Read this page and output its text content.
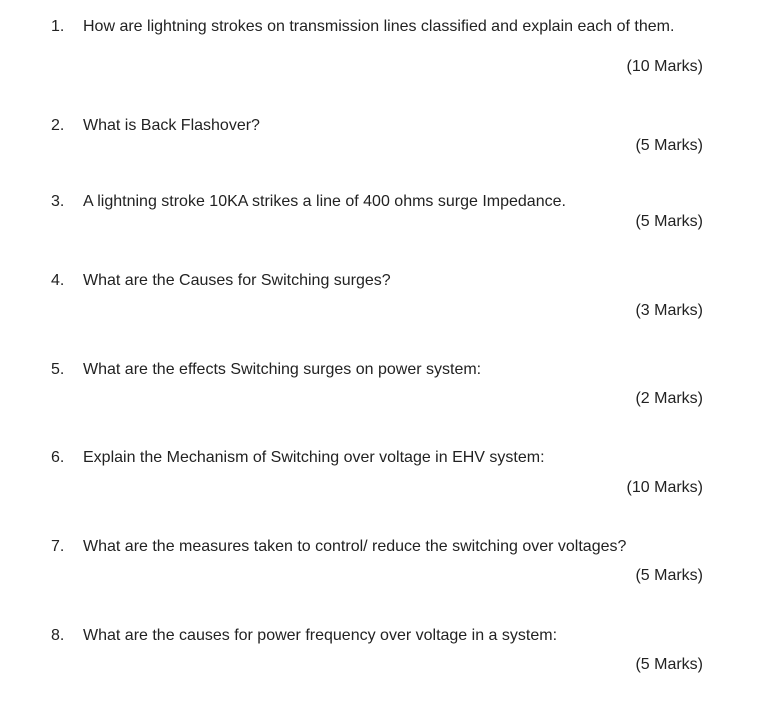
1. How are lightning strokes on transmission lines classified and explain each of them.
(10 Marks)
2. What is Back Flashover?
(5 Marks)
3. A lightning stroke 10KA strikes a line of 400 ohms surge Impedance.
(5 Marks)
4. What are the Causes for Switching surges?
(3 Marks)
5. What are the effects Switching surges on power system:
(2 Marks)
6. Explain the Mechanism of Switching over voltage in EHV system:
(10 Marks)
7. What are the measures taken to control/ reduce the switching over voltages?
(5 Marks)
8. What are the causes for power frequency over voltage in a system:
(5 Marks)
